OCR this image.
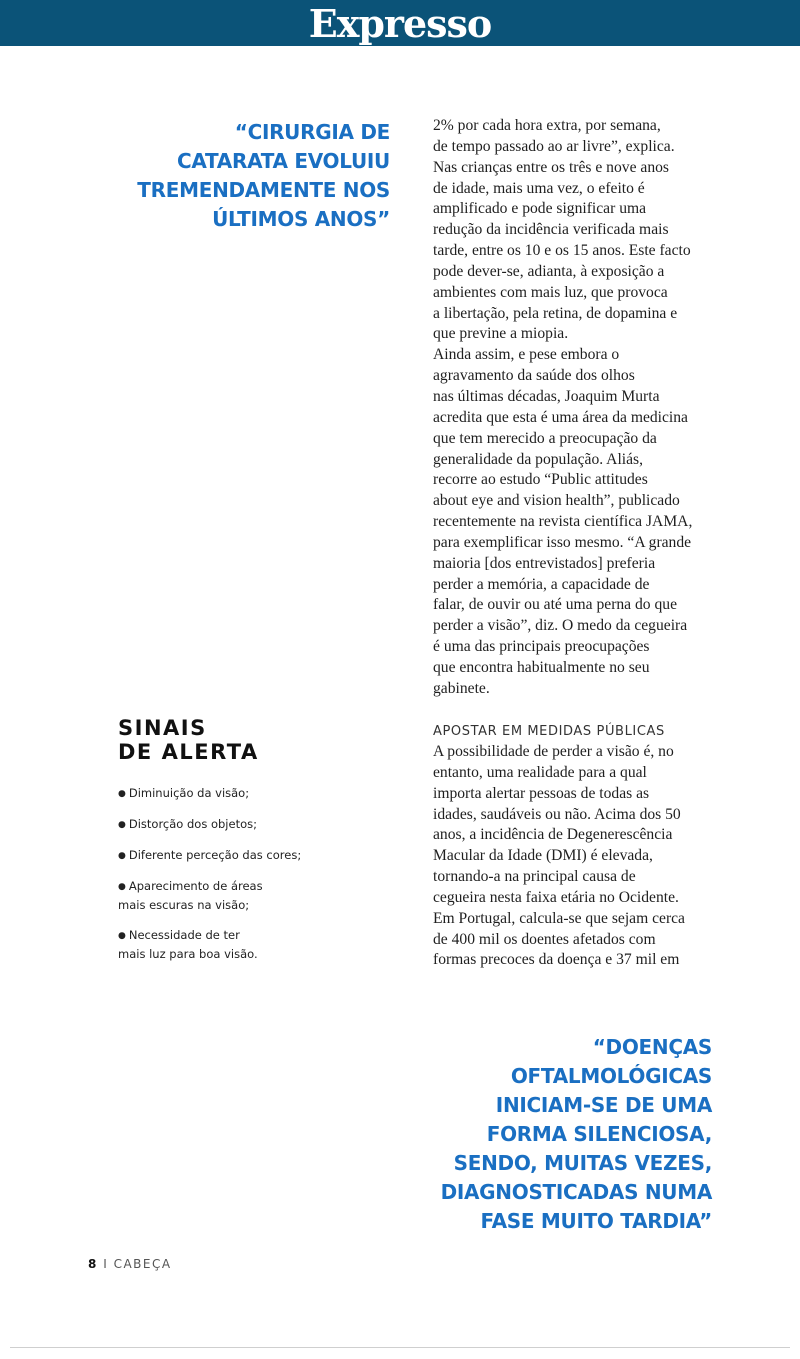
Expresso
“CIRURGIA DE
CATARATA EVOLUIU
TREMENDAMENTE NOS
ÚLTIMOS ANOS”
2% por cada hora extra, por semana,
de tempo passado ao ar livre”, explica.
Nas crianças entre os três e nove anos
de idade, mais uma vez, o efeito é
amplificado e pode significar uma
redução da incidência verificada mais
tarde, entre os 10 e os 15 anos. Este facto
pode dever-se, adianta, à exposição a
ambientes com mais luz, que provoca
a libertação, pela retina, de dopamina e
que previne a miopia.
Ainda assim, e pese embora o
agravamento da saúde dos olhos
nas últimas décadas, Joaquim Murta
acredita que esta é uma área da medicina
que tem merecido a preocupação da
generalidade da população. Aliás,
recorre ao estudo “Public attitudes
about eye and vision health”, publicado
recentemente na revista científica JAMA,
para exemplificar isso mesmo. “A grande
maioria [dos entrevistados] preferia
perder a memória, a capacidade de
falar, de ouvir ou até uma perna do que
perder a visão”, diz. O medo da cegueira
é uma das principais preocupações
que encontra habitualmente no seu
gabinete.
APOSTAR EM MEDIDAS PÚBLICAS
A possibilidade de perder a visão é, no
entanto, uma realidade para a qual
importa alertar pessoas de todas as
idades, saudáveis ou não. Acima dos 50
anos, a incidência de Degenerescência
Macular da Idade (DMI) é elevada,
tornando-a na principal causa de
cegueira nesta faixa etária no Ocidente.
Em Portugal, calcula-se que sejam cerca
de 400 mil os doentes afetados com
formas precoces da doença e 37 mil em
SINAIS
DE ALERTA
● Diminuição da visão;
● Distorção dos objetos;
● Diferente perceção das cores;
● Aparecimento de áreas
mais escuras na visão;
● Necessidade de ter
mais luz para boa visão.
“DOENÇAS
OFTALMOLÓGICAS
INICIAM-SE DE UMA
FORMA SILENCIOSA,
SENDO, MUITAS VEZES,
DIAGNOSTICADAS NUMA
FASE MUITO TARDIA”
8 I CABEÇA
